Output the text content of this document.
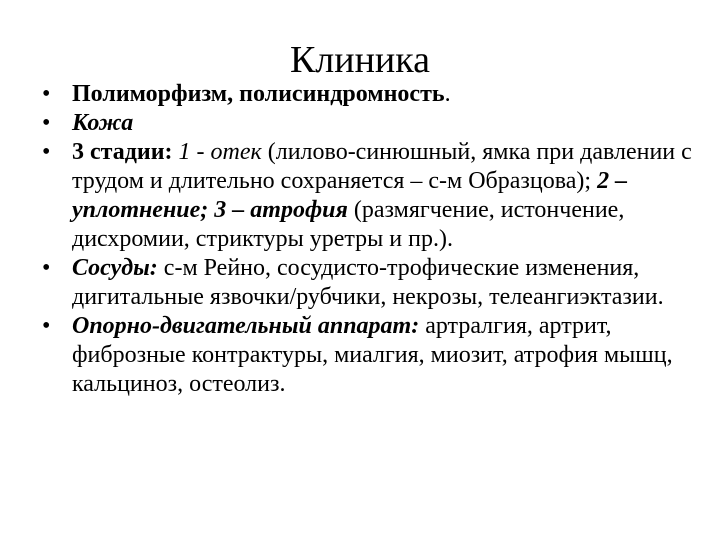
Клиника
• Полиморфизм, полисиндромность.
• Кожа
• 3 стадии: 1 - отек (лилово-синюшный, ямка при давлении с трудом и длительно сохраняется – с-м Образцова); 2 – уплотнение; 3 – атрофия (размягчение, истончение, дисхромии, стриктуры уретры и пр.).
• Сосуды: с-м Рейно, сосудисто-трофические изменения, дигитальные язвочки/рубчики, некрозы, телеангиэктазии.
• Опорно-двигательный аппарат: артралгия, артрит, фиброзные контрактуры, миалгия, миозит, атрофия мышц, кальциноз, остеолиз.
